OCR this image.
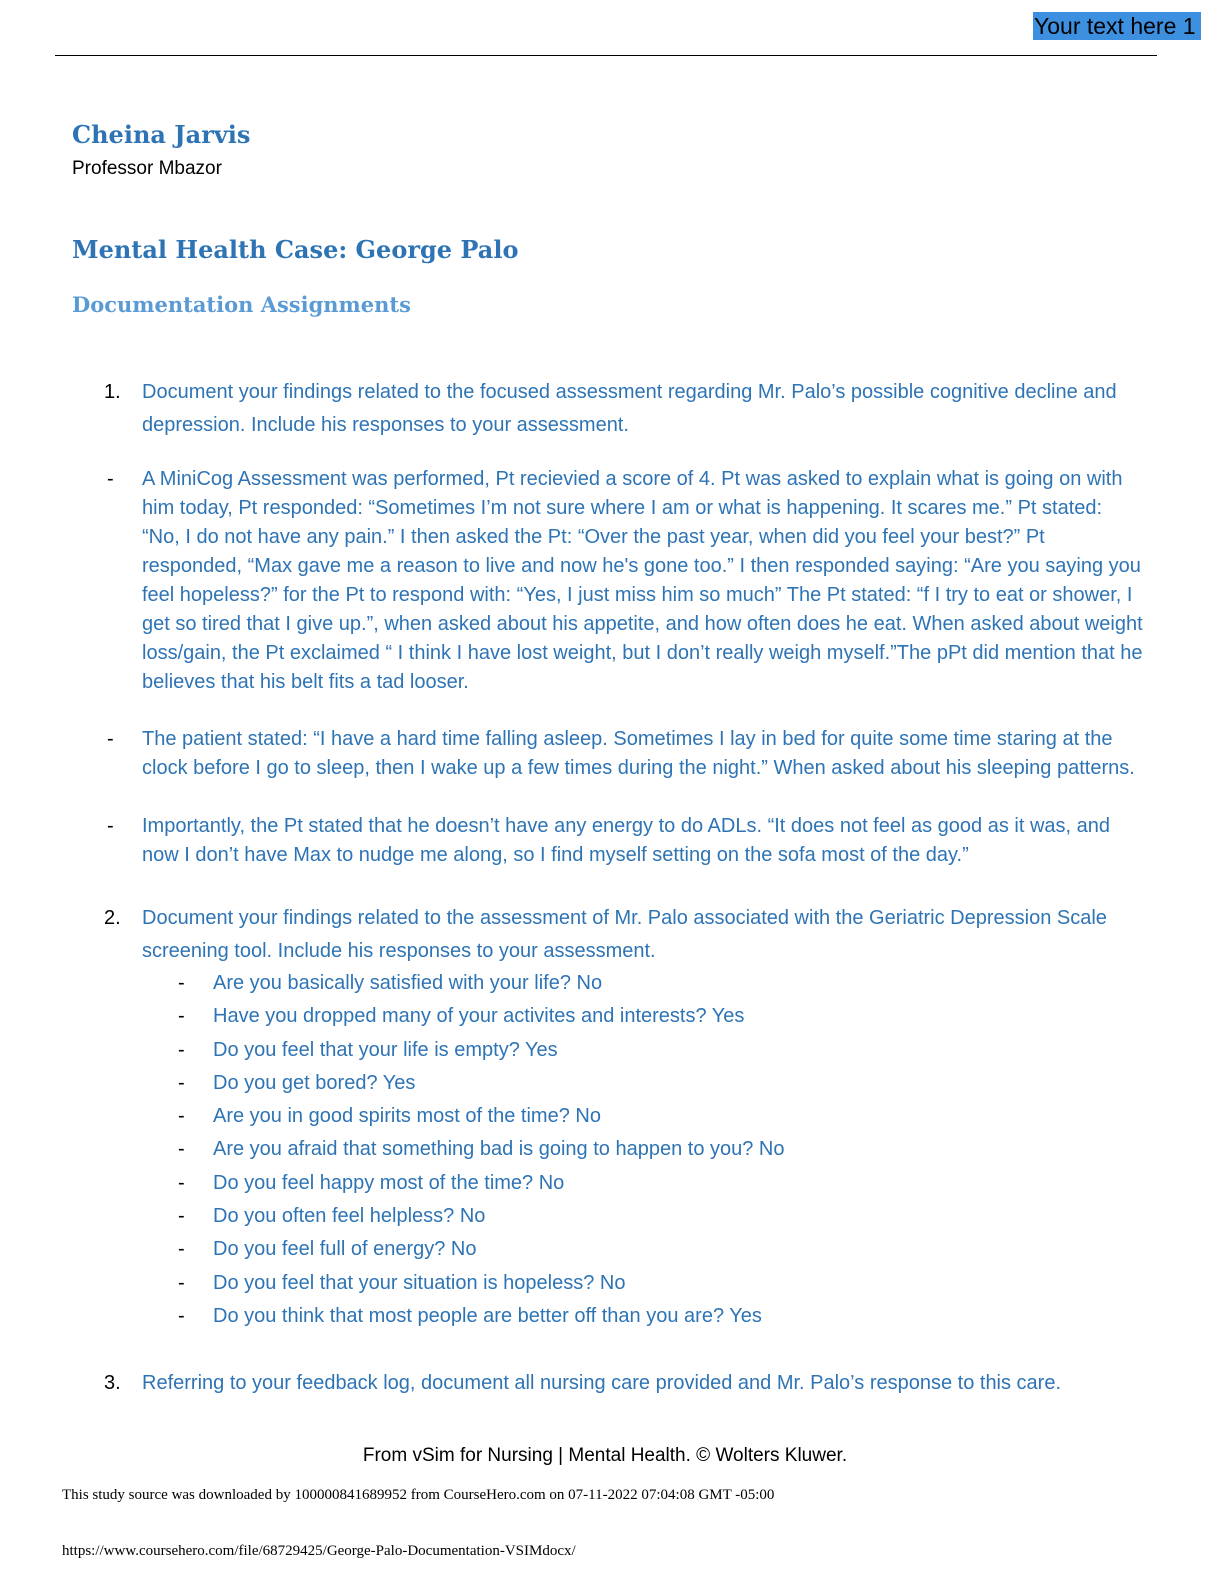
Your text here 1
Cheina Jarvis
Professor Mbazor
Mental Health Case: George Palo
Documentation Assignments
1. Document your findings related to the focused assessment regarding Mr. Palo’s possible cognitive decline and depression. Include his responses to your assessment.
- A MiniCog Assessment was performed, Pt recievied a score of 4. Pt was asked to explain what is going on with him today, Pt responded: “Sometimes I’m not sure where I am or what is happening. It scares me.” Pt stated: “No, I do not have any pain.” I then asked the Pt: “Over the past year, when did you feel your best?” Pt responded, “Max gave me a reason to live and now he's gone too.” I then responded saying: “Are you saying you feel hopeless?” for the Pt to respond with: “Yes, I just miss him so much” The Pt stated: “f I try to eat or shower, I get so tired that I give up.”, when asked about his appetite, and how often does he eat. When asked about weight loss/gain, the Pt exclaimed “ I think I have lost weight, but I don’t really weigh myself.”The pPt did mention that he believes that his belt fits a tad looser.
- The patient stated: “I have a hard time falling asleep. Sometimes I lay in bed for quite some time staring at the clock before I go to sleep, then I wake up a few times during the night.” When asked about his sleeping patterns.
- Importantly, the Pt stated that he doesn’t have any energy to do ADLs. “It does not feel as good as it was, and now I don’t have Max to nudge me along, so I find myself setting on the sofa most of the day.”
2. Document your findings related to the assessment of Mr. Palo associated with the Geriatric Depression Scale screening tool. Include his responses to your assessment.
- Are you basically satisfied with your life? No
- Have you dropped many of your activites and interests? Yes
- Do you feel that your life is empty? Yes
- Do you get bored? Yes
- Are you in good spirits most of the time? No
- Are you afraid that something bad is going to happen to you? No
- Do you feel happy most of the time? No
- Do you often feel helpless? No
- Do you feel full of energy? No
- Do you feel that your situation is hopeless? No
- Do you think that most people are better off than you are? Yes
3. Referring to your feedback log, document all nursing care provided and Mr. Palo’s response to this care.
From vSim for Nursing | Mental Health. © Wolters Kluwer.
This study source was downloaded by 100000841689952 from CourseHero.com on 07-11-2022 07:04:08 GMT -05:00
https://www.coursehero.com/file/68729425/George-Palo-Documentation-VSIMdocx/
